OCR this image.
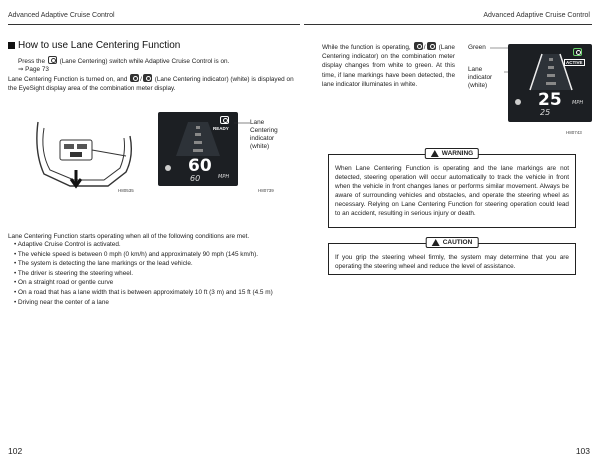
Advanced Adaptive Cruise Control	Advanced Adaptive Cruise Control
How to use Lane Centering Function
Press the (Lane Centering) switch while Adaptive Cruise Control is on.
⇒ Page 73
Lane Centering Function is turned on, and / (Lane Centering indicator) (white) is displayed on the EyeSight display area of the combination meter display.
H80535
READY
60
60	MPH
Lane Centering indicator (white)
H80739
Lane Centering Function starts operating when all of the following conditions are met.
• Adaptive Cruise Control is activated.
• The vehicle speed is between 0 mph (0 km/h) and approximately 90 mph (145 km/h).
• The system is detecting the lane markings or the lead vehicle.
• The driver is steering the steering wheel.
• On a straight road or gentle curve
• On a road that has a lane width that is between approximately 10 ft (3 m) and 15 ft (4.5 m)
• Driving near the center of a lane
102
While the function is operating, / (Lane Centering indicator) on the combination meter display changes from white to green. At this time, if lane markings have been detected, the lane indicator illuminates in white.
Green
Lane indicator (white)
ACTIVE
25
25
MPH
H80743
WARNING
When Lane Centering Function is operating and the lane markings are not detected, steering operation will occur automatically to track the vehicle in front when the vehicle in front changes lanes or performs similar movement. Always be aware of surrounding vehicles and obstacles, and operate the steering wheel as necessary. Relying on Lane Centering Function for steering operation could lead to an accident, resulting in serious injury or death.
CAUTION
If you grip the steering wheel firmly, the system may determine that you are operating the steering wheel and reduce the level of assistance.
103
